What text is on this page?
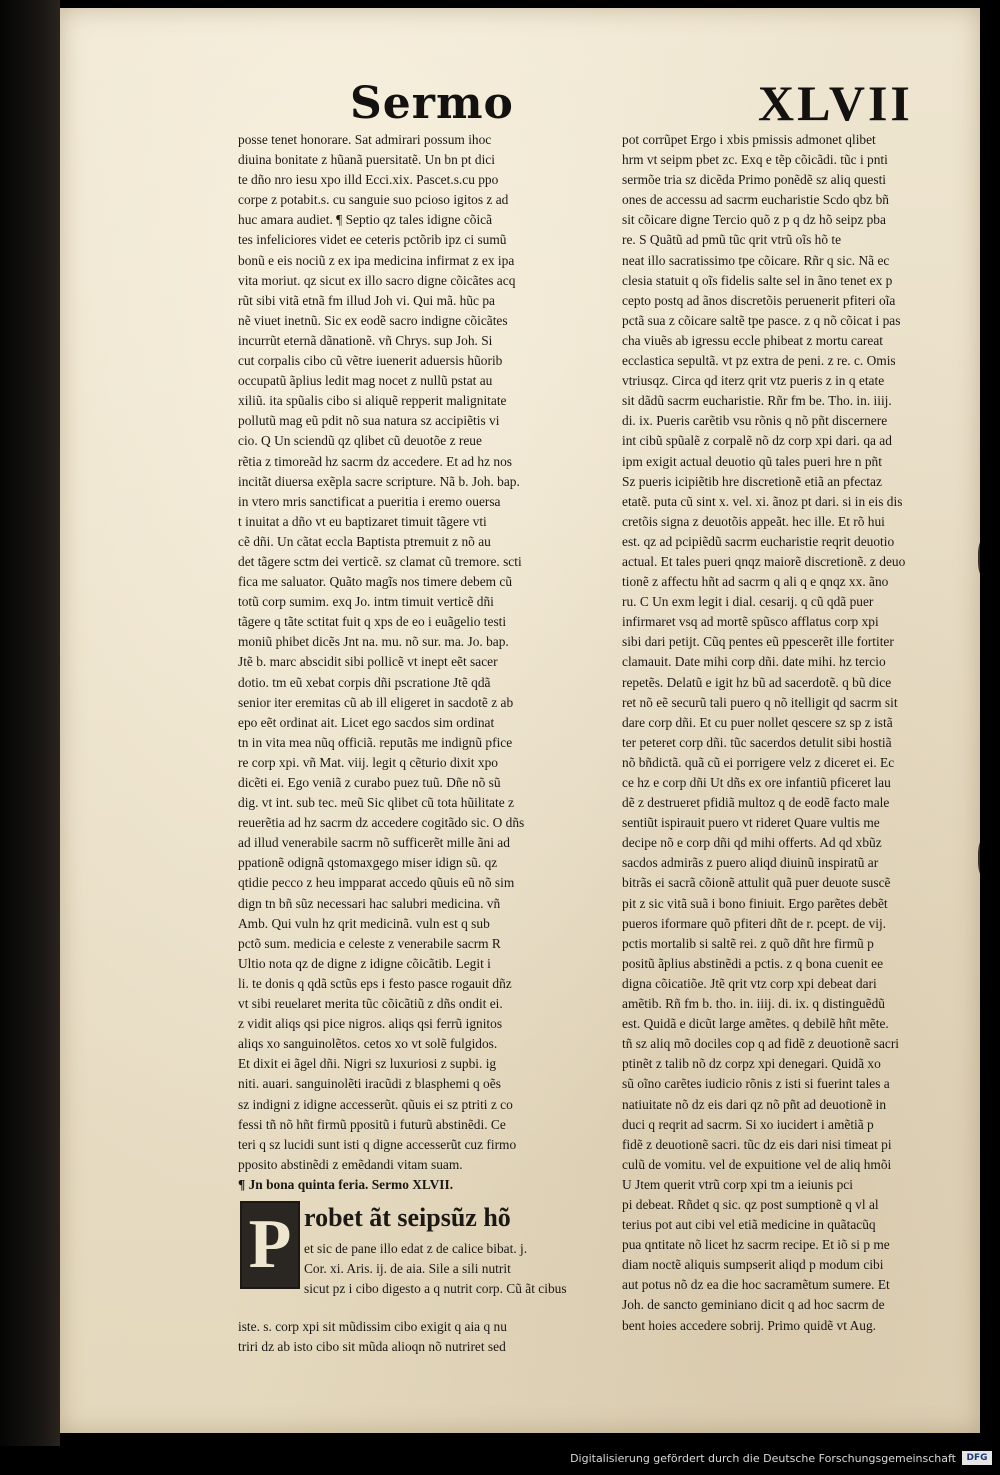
Sermo	XLVII
posse tenet honorare. Sat admirari possum ihoc
diuina bonitate z hũanã puersitatẽ. Un bn pt dici
te dño nro iesu xpo illd Ecci.xix. Pascet.s.cu ppo
corpe z potabit.s. cu sanguie suo pcioso igitos z ad
huc amara audiet. ¶ Septio qz tales idigne cõicã
tes infeliciores videt ee ceteris pctõrib ipz ci sumũ
bonũ e eis nociũ z ex ipa medicina infirmat z ex ipa
vita moriut. qz sicut ex illo sacro digne cõicãtes acq
rũt sibi vitã etnã fm illud Joh vi. Qui mã. hũc pa
nẽ viuet inetnũ. Sic ex eodẽ sacro indigne cõicãtes
incurrũt eternã dãnationẽ. vñ Chrys. sup Joh. Si
cut corpalis cibo cũ vẽtre iuenerit aduersis hũorib
occupatũ ãplius ledit mag nocet z nullũ pstat au
xiliũ. ita spũalis cibo si aliquẽ repperit malignitate
pollutũ mag eũ pdit nõ sua natura sz accipiẽtis vi
cio. Q Un sciendũ qz qlibet cũ deuotõe z reue
rẽtia z timoreãd hz sacrm dz accedere. Et ad hz nos
incitãt diuersa exẽpla sacre scripture. Nã b. Joh. bap.
in vtero mris sanctificat a pueritia i eremo ouersa
t inuitat a dño vt eu baptizaret timuit tãgere vti
cẽ dñi. Un cãtat eccla Baptista ptremuit z nõ au
det tãgere sctm dei verticẽ. sz clamat cũ tremore. scti
fica me saluator. Quãto magĩs nos timere debem cũ
totũ corp sumim. exq Jo. intm timuit verticẽ dñi
tãgere q tãte sctitat fuit q xps de eo i euãgelio testi
moniũ phibet dicẽs Jnt na. mu. nõ sur. ma. Jo. bap.
Jtẽ b. marc abscidit sibi pollicẽ vt inept eẽt sacer
dotio. tm eũ xebat corpis dñi pscratione Jtẽ qdã
senior iter eremitas cũ ab ill eligeret in sacdotẽ z ab
epo eẽt ordinat ait. Licet ego sacdos sim ordinat
tn in vita mea nũq officiã. reputãs me indignũ pfice
re corp xpi. vñ Mat. viij. legit q cẽturio dixit xpo
dicẽti ei. Ego veniã z curabo puez tuũ. Dñe nõ sũ
dig. vt int. sub tec. meũ Sic qlibet cũ tota hũilitate z
reuerẽtia ad hz sacrm dz accedere cogitãdo sic. O dñs
ad illud venerabile sacrm nõ sufficerẽt mille ãni ad
ppationẽ odignã qstomaxgego miser idign sũ. qz
qtidie pecco z heu impparat accedo qũuis eũ nõ sim
dign tn bñ sũz necessari hac salubri medicina. vñ
Amb. Qui vuln hz qrit medicinã. vuln est q sub
pctõ sum. medicia e celeste z venerabile sacrm R
Ultio nota qz de digne z idigne cõicãtib. Legit i
li. te donis q qdã sctũs eps i festo pasce rogauit dñz
vt sibi reuelaret merita tũc cõicãtiũ z dñs ondit ei.
z vidit aliqs qsi pice nigros. aliqs qsi ferrũ ignitos
aliqs xo sanguinolẽtos. cetos xo vt solẽ fulgidos.
Et dixit ei ãgel dñi. Nigri sz luxuriosi z supbi. ig
niti. auari. sanguinolẽti iracũdi z blasphemi q oẽs
sz indigni z idigne accesserũt. qũuis ei sz ptriti z co
fessi tñ nõ hñt firmũ ppositũ i futurũ abstinẽdi. Ce
teri q sz lucidi sunt isti q digne accesserũt cuz firmo
pposito abstinẽdi z emẽdandi vitam suam.
¶ Jn bona quinta feria. Sermo XLVII.
P robet ãt seipsũz hõ
et sic de pane illo edat z de calice bibat. j.
Cor. xi. Aris. ij. de aia. Sile a sili nutrit
sicut pz i cibo digesto a q nutrit corp. Cũ ãt cibus
iste. s. corp xpi sit mũdissim cibo exigit q aia q nu
triri dz ab isto cibo sit mũda alioqn nõ nutriret sed
pot corrũpet Ergo i xbis pmissis admonet qlibet
hrm vt seipm pbet zc. Exq e tẽp cõicãdi. tũc i pnti
sermõe tria sz dicẽda Primo ponẽdẽ sz aliq questi
ones de accessu ad sacrm eucharistie Scdo qbz bñ
sit cõicare digne Tercio quõ z p q dz hõ seipz pba
re. S Quãtũ ad pmũ tũc qrit vtrũ oĩs hõ te
neat illo sacratissimo tpe cõicare. Rñr q sic. Nã ec
clesia statuit q oĩs fidelis salte sel in ãno tenet ex p
cepto postq ad ãnos discretõis peruenerit pfiteri oĩa
pctã sua z cõicare saltẽ tpe pasce. z q nõ cõicat i pas
cha viuẽs ab igressu eccle phibeat z mortu careat
ecclastica sepultã. vt pz extra de peni. z re. c. Omis
vtriusqz. Circa qd iterz qrit vtz pueris z in q etate
sit dãdũ sacrm eucharistie. Rñr fm be. Tho. in. iiij.
di. ix. Pueris carẽtib vsu rõnis q nõ pñt discernere
int cibũ spũalẽ z corpalẽ nõ dz corp xpi dari. qa ad
ipm exigit actual deuotio qũ tales pueri hre n pñt
Sz pueris icipiẽtib hre discretionẽ etiã an pfectaz
etatẽ. puta cũ sint x. vel. xi. ãnoz pt dari. si in eis dis
cretõis signa z deuotõis appeãt. hec ille. Et rõ hui
est. qz ad pcipiẽdũ sacrm eucharistie reqrit deuotio
actual. Et tales pueri qnqz maiorẽ discretionẽ. z deuo
tionẽ z affectu hñt ad sacrm q ali q e qnqz xx. ãno
ru. C Un exm legit i dial. cesarij. q cũ qdã puer
infirmaret vsq ad mortẽ spũsco afflatus corp xpi
sibi dari petijt. Cũq pentes eũ ppescerẽt ille fortiter
clamauit. Date mihi corp dñi. date mihi. hz tercio
repetẽs. Delatũ e igit hz bũ ad sacerdotẽ. q bũ dice
ret nõ eẽ securũ tali puero q nõ itelligit qd sacrm sit
dare corp dñi. Et cu puer nollet qescere sz sp z istã
ter peteret corp dñi. tũc sacerdos detulit sibi hostiã
nõ bñdictã. quã cũ ei porrigere velz z diceret ei. Ec
ce hz e corp dñi Ut dñs ex ore infantiũ pficeret lau
dẽ z destrueret pfidiã multoz q de eodẽ facto male
sentiũt ispirauit puero vt rideret Quare vultis me
decipe nõ e corp dñi qd mihi offerts. Ad qd xbũz
sacdos admirãs z puero aliqd diuinũ inspiratũ ar
bitrãs ei sacrã cõionẽ attulit quã puer deuote suscẽ
pit z sic vitã suã i bono finiuit. Ergo parẽtes debẽt
pueros iformare quõ pfiteri dñt de r. pcept. de vij.
pctis mortalib si saltẽ rei. z quõ dñt hre firmũ p
positũ ãplius abstinẽdi a pctis. z q bona cuenit ee
digna cõicatiõe. Jtẽ qrit vtz corp xpi debeat dari
amẽtib. Rñ fm b. tho. in. iiij. di. ix. q distinguẽdũ
est. Quidã e dicũt large amẽtes. q debilẽ hñt mẽte.
tñ sz aliq mõ dociles cop q ad fidẽ z deuotionẽ sacri
ptinẽt z talib nõ dz corpz xpi denegari. Quidã xo
sũ oĩno carẽtes iudicio rõnis z isti si fuerint tales a
natiuitate nõ dz eis dari qz nõ pñt ad deuotionẽ in
duci q reqrit ad sacrm. Si xo iucidert i amẽtiã p
fidẽ z deuotionẽ sacri. tũc dz eis dari nisi timeat pi
culũ de vomitu. vel de expuitione vel de aliq hmõi
U Jtem querit vtrũ corp xpi tm a ieiunis pci
pi debeat. Rñdet q sic. qz post sumptionẽ q vl al
terius pot aut cibi vel etiã medicine in quãtacũq
pua qntitate nõ licet hz sacrm recipe. Et iõ si p me
diam noctẽ aliquis sumpserit aliqd p modum cibi
aut potus nõ dz ea die hoc sacramẽtum sumere. Et
Joh. de sancto geminiano dicit q ad hoc sacrm de
bent hoies accedere sobrij. Primo quidẽ vt Aug.
Digitalisierung gefördert durch die Deutsche Forschungsgemeinschaft	DFG
